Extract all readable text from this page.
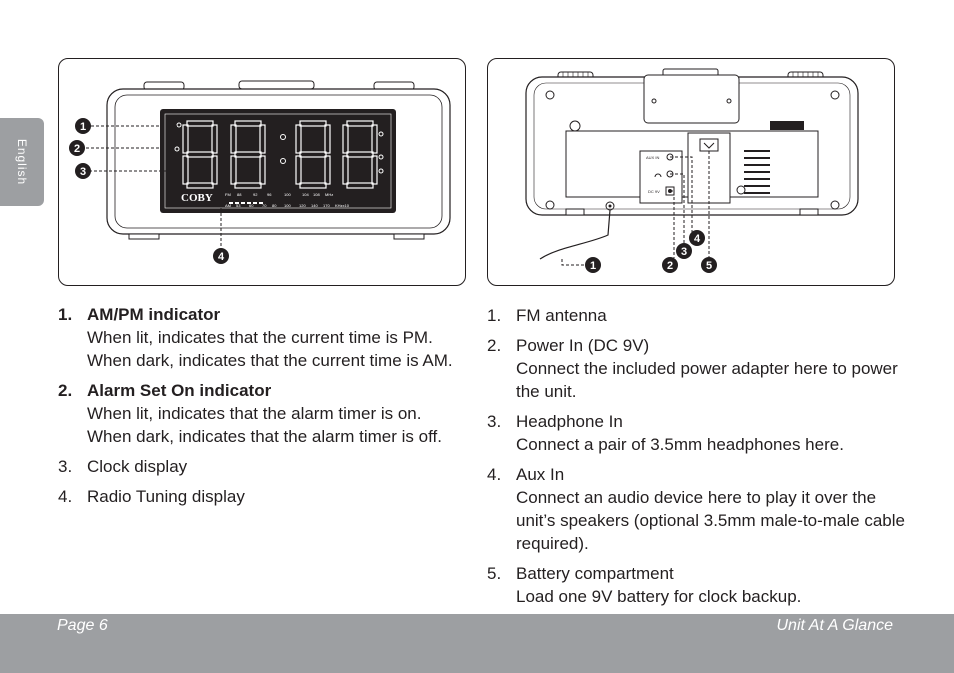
English
COBY	FM 88	92 96	100	104 108 MHz
AM 53 60 70 80 100 120 140 170 KHzx10
1
2
3
4
AUX IN
DC 9V
1	2
3
4
5
1. AM/PM indicator
When lit, indicates that the current time is PM. When dark, indicates that the current time is AM.
2. Alarm Set On indicator
When lit, indicates that the alarm timer is on. When dark, indicates that the alarm timer is off.
3. Clock display
4. Radio Tuning display
1. FM antenna
2. Power In (DC 9V)
Connect the included power adapter here to power the unit.
3. Headphone In
Connect a pair of 3.5mm headphones here.
4. Aux In
Connect an audio device here to play it over the unit’s speakers (optional 3.5mm male-to-male cable required).
5. Battery compartment
Load one 9V battery for clock backup.
Page 6	Unit At A Glance
